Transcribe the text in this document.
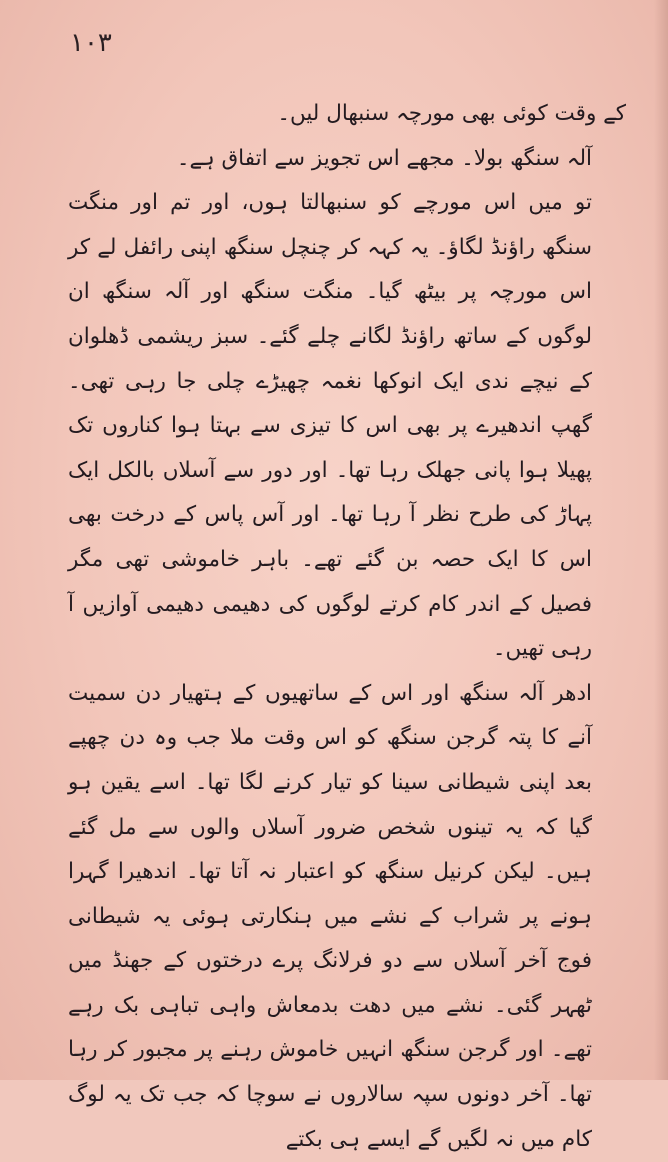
۱۰۳

کے وقت کوئی بھی مورچہ سنبھال لیں۔

آلہ سنگھ بولا۔ مجھے اس تجویز سے اتفاق ہے۔

تو میں اس مورچے کو سنبھالتا ہوں، اور تم اور منگت سنگھ راؤنڈ لگاؤ۔ یہ کہہ کر چنچل سنگھ اپنی رائفل لے کر اس مورچہ پر بیٹھ گیا۔ منگت سنگھ اور آلہ سنگھ ان لوگوں کے ساتھ راؤنڈ لگانے چلے گئے۔ سبز ریشمی ڈھلوان کے نیچے ندی ایک انوکھا نغمہ چھیڑے چلی جا رہی تھی۔ گھپ اندھیرے پر بھی اس کا تیزی سے بہتا ہوا کناروں تک پھیلا ہوا پانی جھلک رہا تھا۔ اور دور سے آسلاں بالکل ایک پہاڑ کی طرح نظر آ رہا تھا۔ اور آس پاس کے درخت بھی اس کا ایک حصہ بن گئے تھے۔ باہر خاموشی تھی مگر فصیل کے اندر کام کرتے لوگوں کی دھیمی دھیمی آوازیں آ رہی تھیں۔

ادھر آلہ سنگھ اور اس کے ساتھیوں کے ہتھیار دن سمیت آنے کا پتہ گرجن سنگھ کو اس وقت ملا جب وہ دن چھپے بعد اپنی شیطانی سینا کو تیار کرنے لگا تھا۔ اسے یقین ہو گیا کہ یہ تینوں شخص ضرور آسلاں والوں سے مل گئے ہیں۔ لیکن کرنیل سنگھ کو اعتبار نہ آتا تھا۔ اندھیرا گہرا ہونے پر شراب کے نشے میں ہنکارتی ہوئی یہ شیطانی فوج آخر آسلاں سے دو فرلانگ پرے درختوں کے جھنڈ میں ٹھہر گئی۔ نشے میں دھت بدمعاش واہی تباہی بک رہے تھے۔ اور گرجن سنگھ انہیں خاموش رہنے پر مجبور کر رہا تھا۔ آخر دونوں سپہ سالاروں نے سوچا کہ جب تک یہ لوگ کام میں نہ لگیں گے ایسے ہی بکتے
